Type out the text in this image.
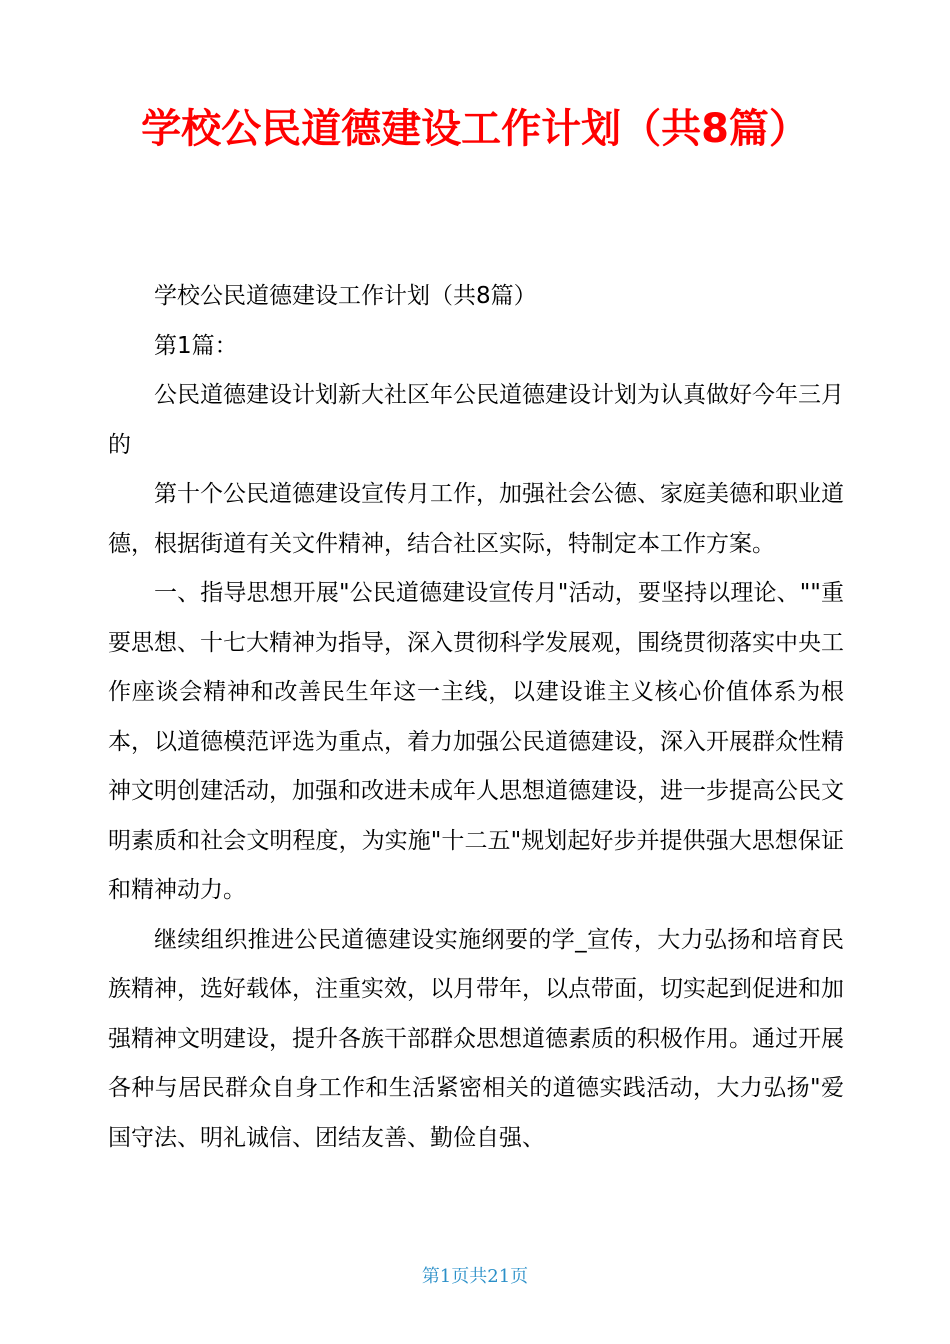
学校公民道德建设工作计划（共8篇）

学校公民道德建设工作计划（共8篇）

第1篇：

公民道德建设计划新大社区年公民道德建设计划为认真做好今年三月的

第十个公民道德建设宣传月工作，加强社会公德、家庭美德和职业道德，根据街道有关文件精神，结合社区实际，特制定本工作方案。

一、指导思想开展"公民道德建设宣传月"活动，要坚持以理论、""重要思想、十七大精神为指导，深入贯彻科学发展观，围绕贯彻落实中央工作座谈会精神和改善民生年这一主线，以建设谁主义核心价值体系为根本，以道德模范评选为重点，着力加强公民道德建设，深入开展群众性精神文明创建活动，加强和改进未成年人思想道德建设，进一步提高公民文明素质和社会文明程度，为实施"十二五"规划起好步并提供强大思想保证和精神动力。

继续组织推进公民道德建设实施纲要的学_宣传，大力弘扬和培育民族精神，选好载体，注重实效，以月带年，以点带面，切实起到促进和加强精神文明建设，提升各族干部群众思想道德素质的积极作用。通过开展各种与居民群众自身工作和生活紧密相关的道德实践活动，大力弘扬"爱国守法、明礼诚信、团结友善、勤俭自强、

第1页共21页
